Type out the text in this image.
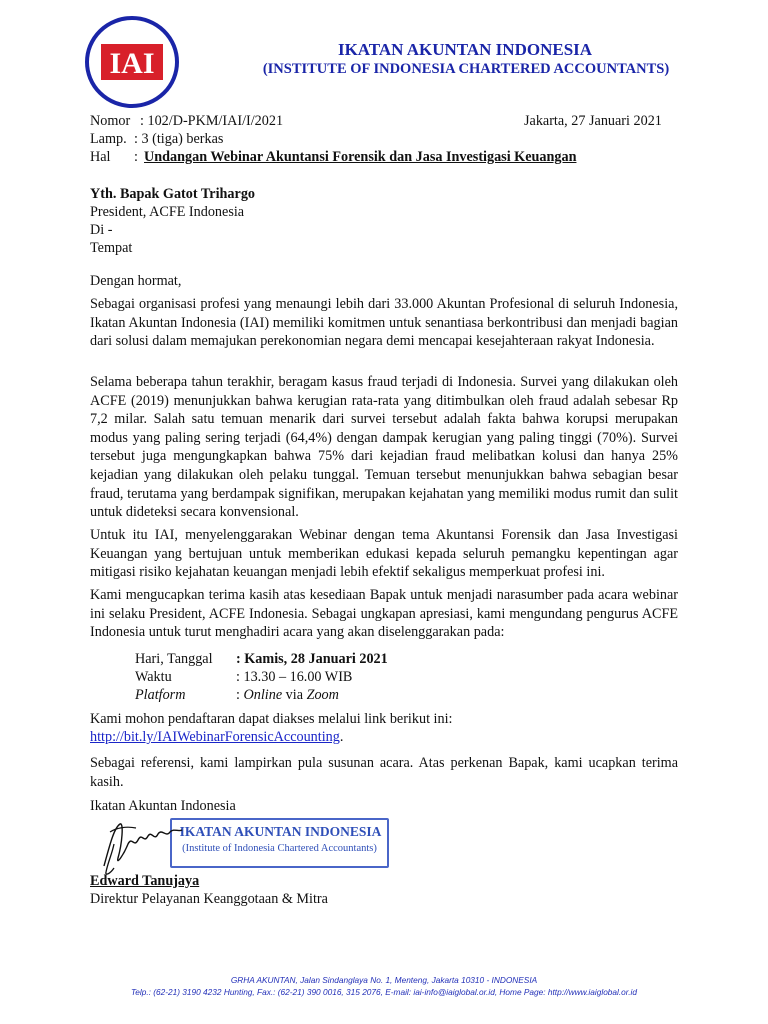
IAI	IKATAN AKUNTAN INDONESIA
(INSTITUTE OF INDONESIA CHARTERED ACCOUNTANTS)
Nomor : 102/D-PKM/IAI/I/2021	Jakarta, 27 Januari 2021
Lamp. : 3 (tiga) berkas
Hal : Undangan Webinar Akuntansi Forensik dan Jasa Investigasi Keuangan
Yth. Bapak Gatot Trihargo
President, ACFE Indonesia
Di -
Tempat
Dengan hormat,

Sebagai organisasi profesi yang menaungi lebih dari 33.000 Akuntan Profesional di seluruh Indonesia, Ikatan Akuntan Indonesia (IAI) memiliki komitmen untuk senantiasa berkontribusi dan menjadi bagian dari solusi dalam memajukan perekonomian negara demi mencapai kesejahteraan rakyat Indonesia.

Selama beberapa tahun terakhir, beragam kasus fraud terjadi di Indonesia. Survei yang dilakukan oleh ACFE (2019) menunjukkan bahwa kerugian rata-rata yang ditimbulkan oleh fraud adalah sebesar Rp 7,2 milar. Salah satu temuan menarik dari survei tersebut adalah fakta bahwa korupsi merupakan modus yang paling sering terjadi (64,4%) dengan dampak kerugian yang paling tinggi (70%). Survei tersebut juga mengungkapkan bahwa 75% dari kejadian fraud melibatkan kolusi dan hanya 25% kejadian yang dilakukan oleh pelaku tunggal. Temuan tersebut menunjukkan bahwa sebagian besar fraud, terutama yang berdampak signifikan, merupakan kejahatan yang memiliki modus rumit dan sulit untuk dideteksi secara konvensional.

Untuk itu IAI, menyelenggarakan Webinar dengan tema Akuntansi Forensik dan Jasa Investigasi Keuangan yang bertujuan untuk memberikan edukasi kepada seluruh pemangku kepentingan agar mitigasi risiko kejahatan keuangan menjadi lebih efektif sekaligus memperkuat profesi ini.

Kami mengucapkan terima kasih atas kesediaan Bapak untuk menjadi narasumber pada acara webinar ini selaku President, ACFE Indonesia. Sebagai ungkapan apresiasi, kami mengundang pengurus ACFE Indonesia untuk turut menghadiri acara yang akan diselenggarakan pada:

Hari, Tanggal : Kamis, 28 Januari 2021
Waktu	: 13.30 – 16.00 WIB
Platform	: Online via Zoom
Kami mohon pendaftaran dapat diakses melalui link berikut ini:
http://bit.ly/IAIWebinarForensicAccounting.

Sebagai referensi, kami lampirkan pula susunan acara. Atas perkenan Bapak, kami ucapkan terima kasih.

Ikatan Akuntan Indonesia
IKATAN AKUNTAN INDONESIA
(Institute of Indonesia Chartered Accountants)
Edward Tanujaya
Direktur Pelayanan Keanggotaan & Mitra
GRHA AKUNTAN, Jalan Sindanglaya No. 1, Menteng, Jakarta 10310 - INDONESIA
Telp.: (62-21) 3190 4232 Hunting, Fax.: (62-21) 390 0016, 315 2076, E-mail: iai-info@iaiglobal.or.id, Home Page: http://www.iaiglobal.or.id
